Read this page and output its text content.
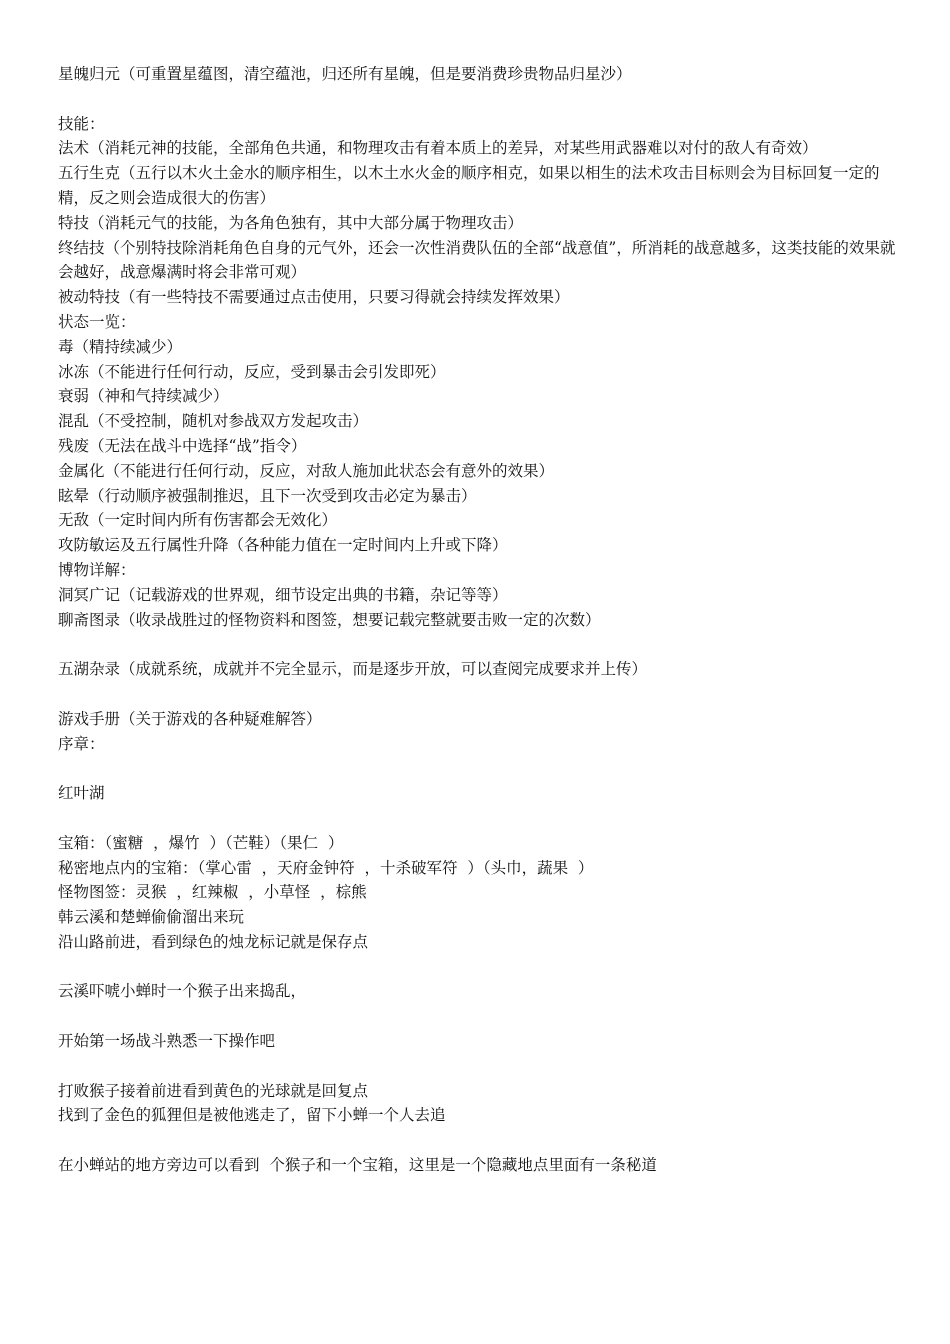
星魄归元（可重置星蕴图，清空蕴池，归还所有星魄，但是要消费珍贵物品归星沙）
技能：
法术（消耗元神的技能，全部角色共通，和物理攻击有着本质上的差异，对某些用武器难以对付的敌人有奇效）
五行生克（五行以木火土金水的顺序相生，以木土水火金的顺序相克，如果以相生的法术攻击目标则会为目标回复一定的精，反之则会造成很大的伤害）
特技（消耗元气的技能，为各角色独有，其中大部分属于物理攻击）
终结技（个别特技除消耗角色自身的元气外，还会一次性消费队伍的全部“战意值”，所消耗的战意越多，这类技能的效果就会越好，战意爆满时将会非常可观）
被动特技（有一些特技不需要通过点击使用，只要习得就会持续发挥效果）
状态一览：
毒（精持续减少）
冰冻（不能进行任何行动，反应，受到暴击会引发即死）
衰弱（神和气持续减少）
混乱（不受控制，随机对参战双方发起攻击）
残废（无法在战斗中选择“战”指令）
金属化（不能进行任何行动，反应，对敌人施加此状态会有意外的效果）
眩晕（行动顺序被强制推迟，且下一次受到攻击必定为暴击）
无敌（一定时间内所有伤害都会无效化）
攻防敏运及五行属性升降（各种能力值在一定时间内上升或下降）
博物详解：
洞冥广记（记载游戏的世界观，细节设定出典的书籍，杂记等等）
聊斋图录（收录战胜过的怪物资料和图签，想要记载完整就要击败一定的次数）
五湖杂录（成就系统，成就并不完全显示，而是逐步开放，可以查阅完成要求并上传）
游戏手册（关于游戏的各种疑难解答）
序章：
红叶湖
宝箱：（蜜糖  ，爆竹  ）（芒鞋）（果仁  ）
秘密地点内的宝箱：（掌心雷  ，天府金钟符  ，十杀破军符  ）（头巾，蔬果  ）
怪物图签：灵猴  ，红辣椒  ，小草怪  ，棕熊
韩云溪和楚蝉偷偷溜出来玩
沿山路前进，看到绿色的烛龙标记就是保存点
云溪吓唬小蝉时一个猴子出来捣乱，
开始第一场战斗熟悉一下操作吧
打败猴子接着前进看到黄色的光球就是回复点
找到了金色的狐狸但是被他逃走了，留下小蝉一个人去追
在小蝉站的地方旁边可以看到  个猴子和一个宝箱，这里是一个隐藏地点里面有一条秘道
